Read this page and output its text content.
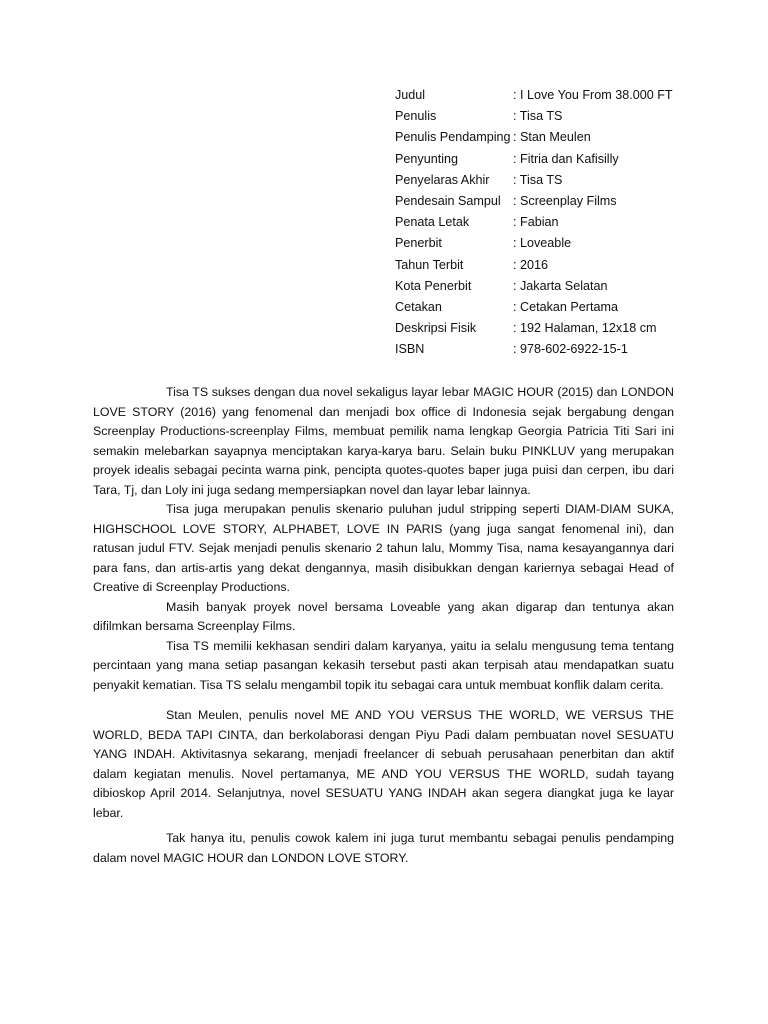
Judul	: I Love You From 38.000 FT
Penulis	: Tisa TS
Penulis Pendamping : Stan Meulen
Penyunting	: Fitria dan Kafisilly
Penyelaras Akhir	: Tisa TS
Pendesain Sampul : Screenplay Films
Penata Letak	: Fabian
Penerbit	: Loveable
Tahun Terbit	: 2016
Kota Penerbit	: Jakarta Selatan
Cetakan	: Cetakan Pertama
Deskripsi Fisik	: 192 Halaman, 12x18 cm
ISBN	: 978-602-6922-15-1

Tisa TS sukses dengan dua novel sekaligus layar lebar MAGIC HOUR (2015) dan LONDON LOVE STORY (2016) yang fenomenal dan menjadi box office di Indonesia sejak bergabung dengan Screenplay Productions-screenplay Films, membuat pemilik nama lengkap Georgia Patricia Titi Sari ini semakin melebarkan sayapnya menciptakan karya-karya baru. Selain buku PINKLUV yang merupakan proyek idealis sebagai pecinta warna pink, pencipta quotes-quotes baper juga puisi dan cerpen, ibu dari Tara, Tj, dan Loly ini juga sedang mempersiapkan novel dan layar lebar lainnya.

Tisa juga merupakan penulis skenario puluhan judul stripping seperti DIAM-DIAM SUKA, HIGHSCHOOL LOVE STORY, ALPHABET, LOVE IN PARIS (yang juga sangat fenomenal ini), dan ratusan judul FTV. Sejak menjadi penulis skenario 2 tahun lalu, Mommy Tisa, nama kesayangannya dari para fans, dan artis-artis yang dekat dengannya, masih disibukkan dengan kariernya sebagai Head of Creative di Screenplay Productions.

Masih banyak proyek novel bersama Loveable yang akan digarap dan tentunya akan difilmkan bersama Screenplay Films.

Tisa TS memilii kekhasan sendiri dalam karyanya, yaitu ia selalu mengusung tema tentang percintaan yang mana setiap pasangan kekasih tersebut pasti akan terpisah atau mendapatkan suatu penyakit kematian. Tisa TS selalu mengambil topik itu sebagai cara untuk membuat konflik dalam cerita.

Stan Meulen, penulis novel ME AND YOU VERSUS THE WORLD, WE VERSUS THE WORLD, BEDA TAPI CINTA, dan berkolaborasi dengan Piyu Padi dalam pembuatan novel SESUATU YANG INDAH. Aktivitasnya sekarang, menjadi freelancer di sebuah perusahaan penerbitan dan aktif dalam kegiatan menulis. Novel pertamanya, ME AND YOU VERSUS THE WORLD, sudah tayang dibioskop April 2014. Selanjutnya, novel SESUATU YANG INDAH akan segera diangkat juga ke layar lebar.

Tak hanya itu, penulis cowok kalem ini juga turut membantu sebagai penulis pendamping dalam novel MAGIC HOUR dan LONDON LOVE STORY.
